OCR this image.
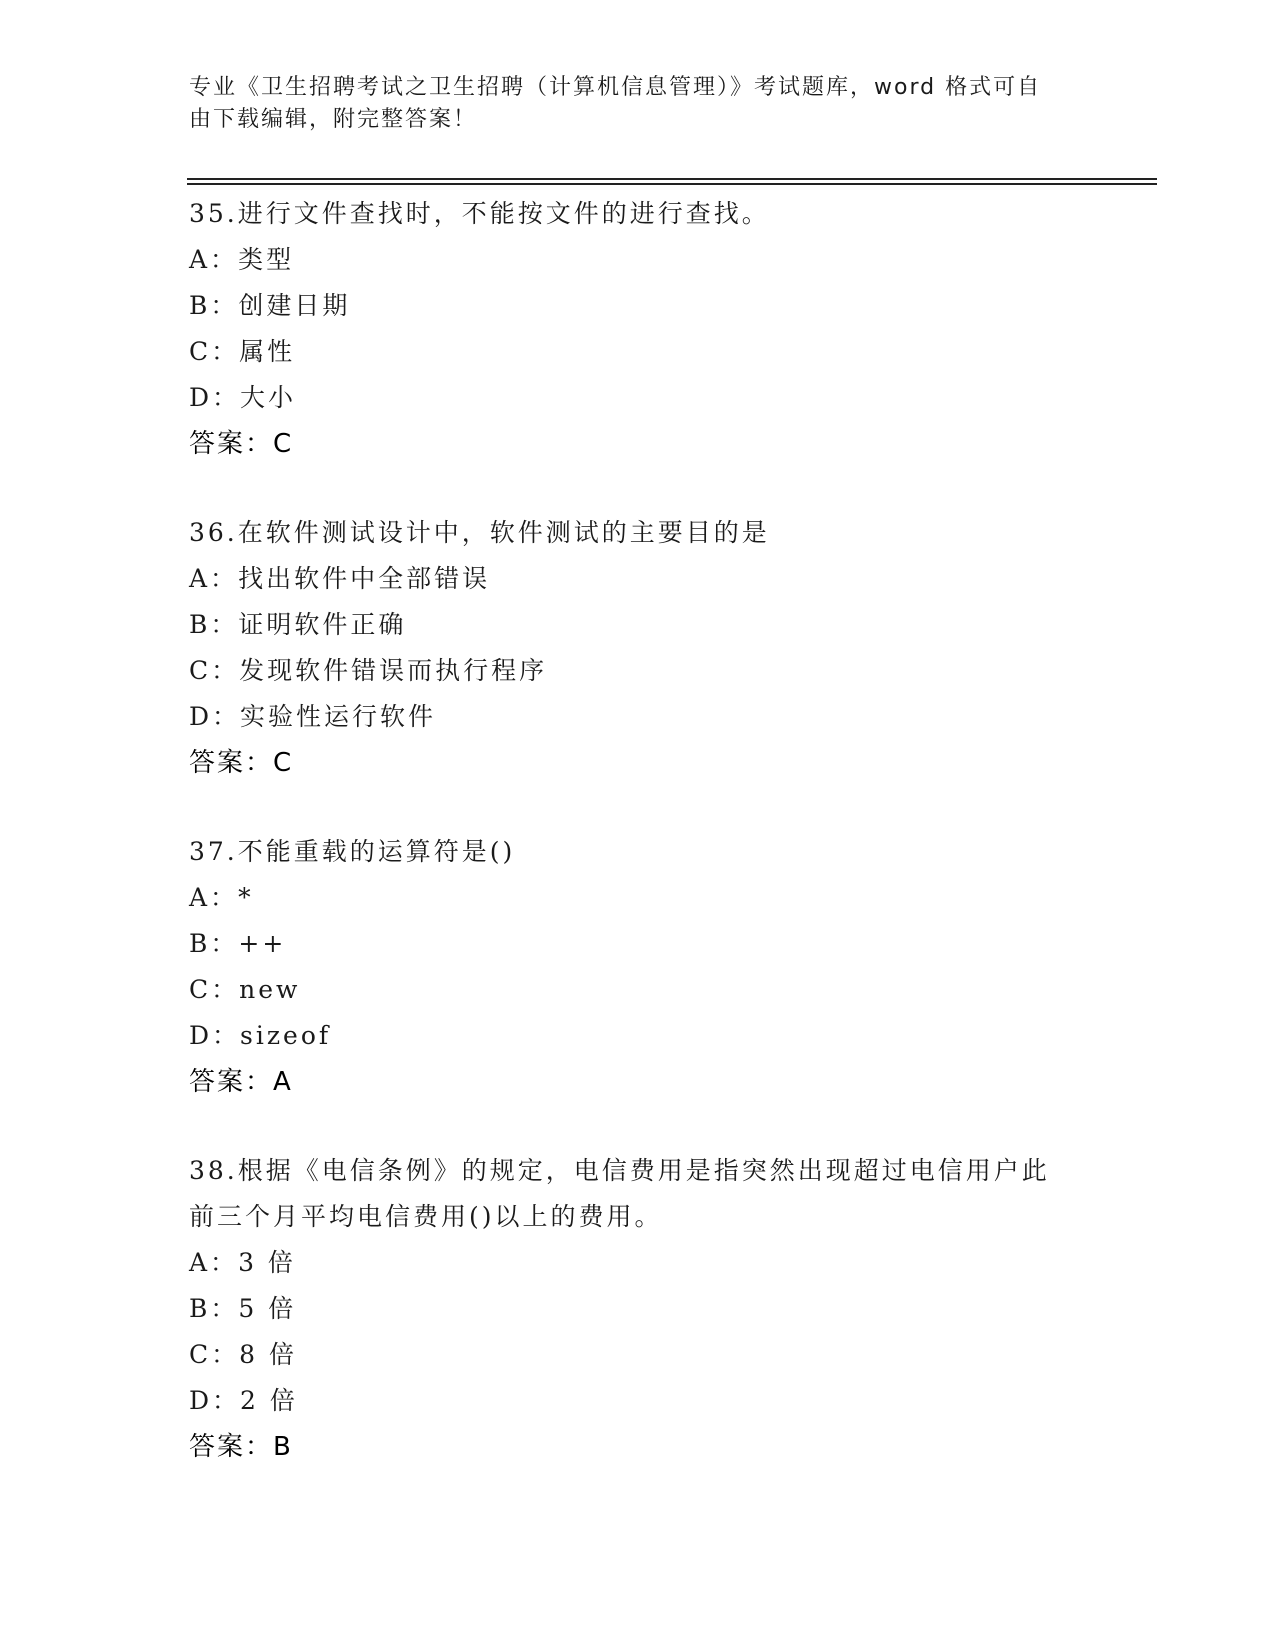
专业《卫生招聘考试之卫生招聘（计算机信息管理）》考试题库，word 格式可自
由下载编辑，附完整答案！
35.进行文件查找时，不能按文件的进行查找。
A：类型
B：创建日期
C：属性
D：大小
答案：C
36.在软件测试设计中，软件测试的主要目的是
A：找出软件中全部错误
B：证明软件正确
C：发现软件错误而执行程序
D：实验性运行软件
答案：C
37.不能重载的运算符是()
A：*
B：++
C：new
D：sizeof
答案：A
38.根据《电信条例》的规定，电信费用是指突然出现超过电信用户此
前三个月平均电信费用()以上的费用。
A：3 倍
B：5 倍
C：8 倍
D：2 倍
答案：B
